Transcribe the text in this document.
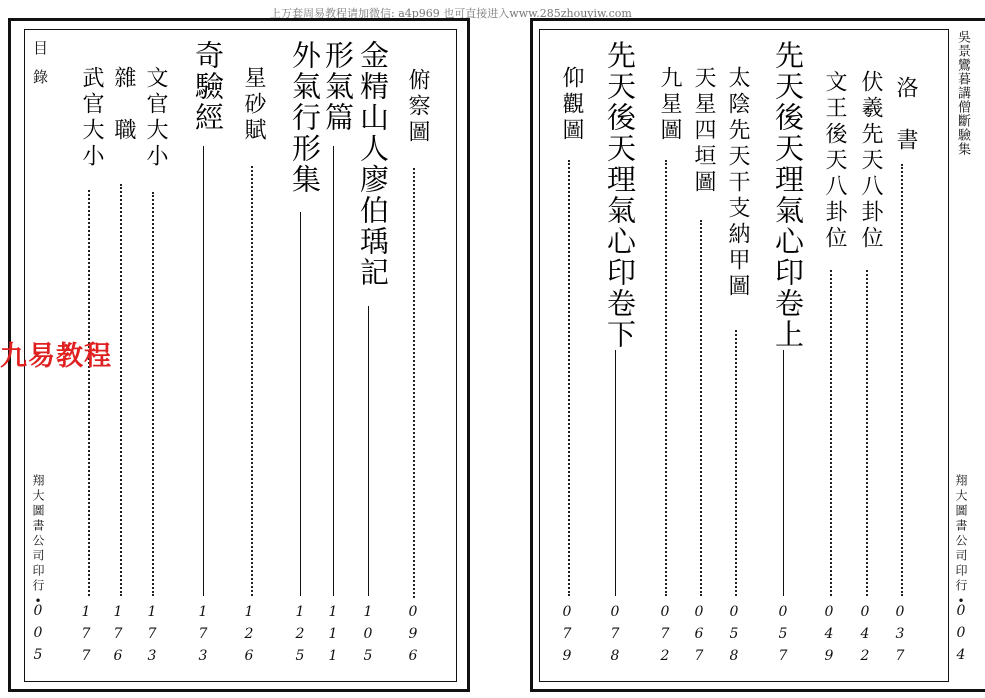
上万套周易教程请加微信: a4p969 也可直接进入www.285zhouyiw.com
目錄
翔大圖書公司印行•
005
俯察圖
096
金精山人廖伯瑀記
105
形氣篇
111
外氣行形集
125
星砂賦
126
奇驗經
173
文官大小
173
雜　職
176
武官大小
177
九易教程
吳景鸞暮講僧斷驗集
翔大圖書公司印行•
004
洛　書
037
伏羲先天八卦位
042
文王後天八卦位
049
先天後天理氣心印卷上
057
太陰先天干支納甲圖
058
天星四垣圖
067
九星圖
072
先天後天理氣心印卷下
078
仰觀圖
079
